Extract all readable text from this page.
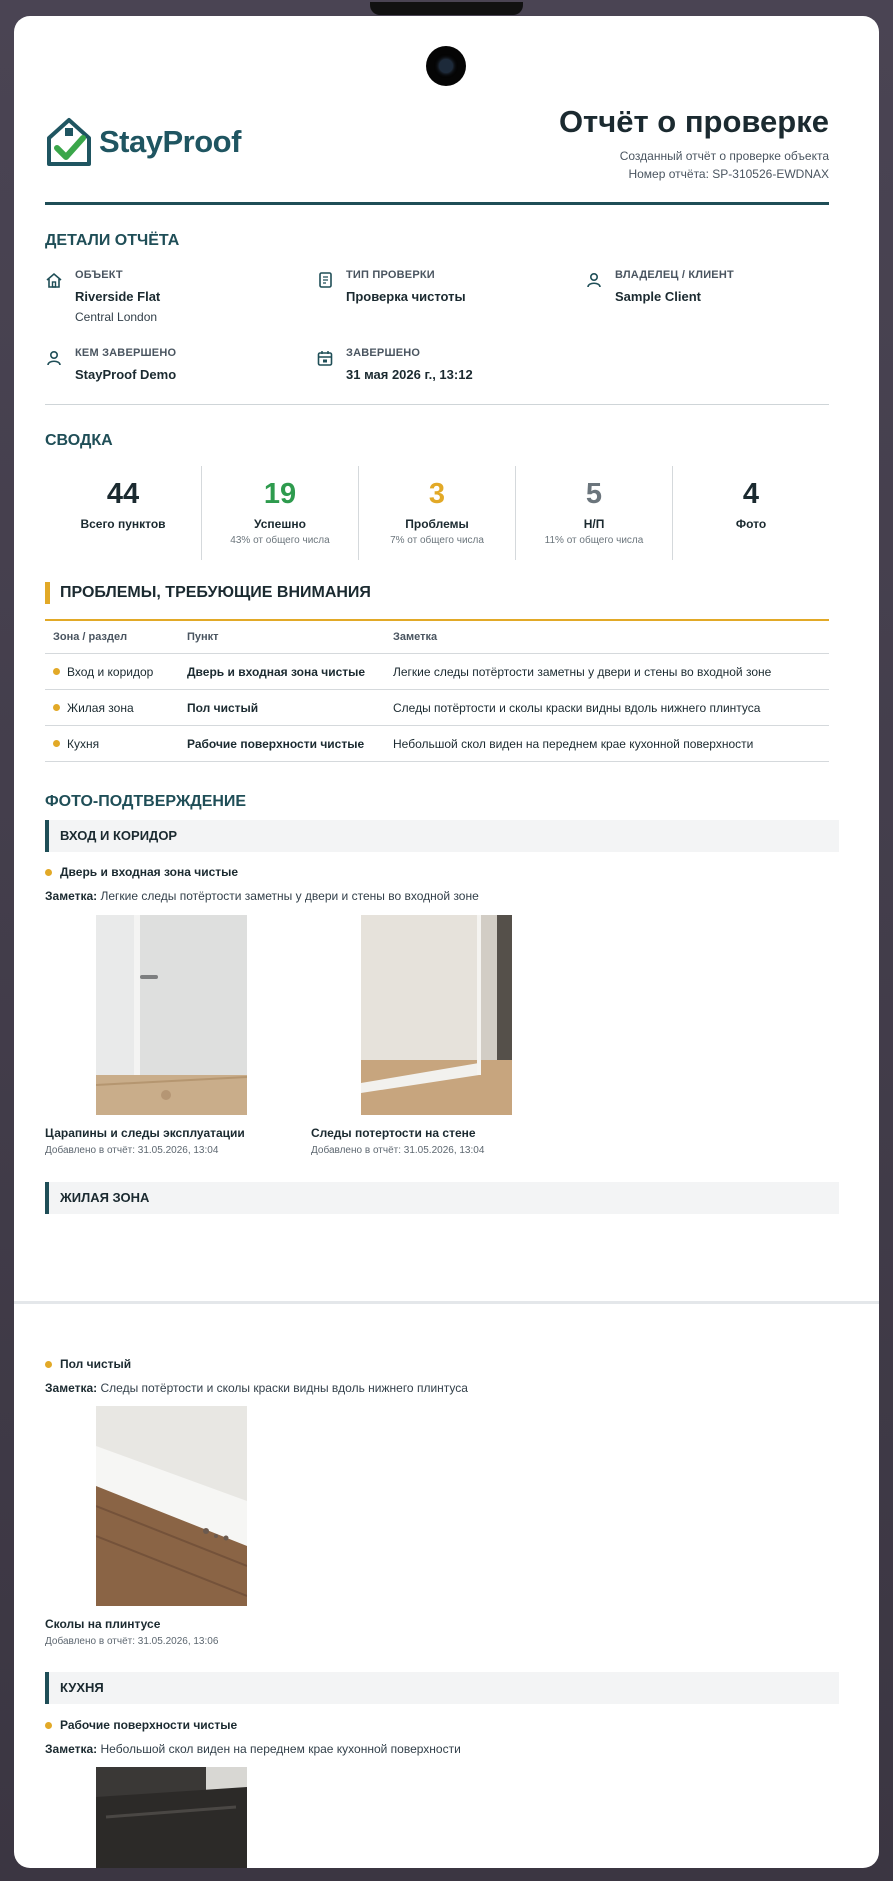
StayProof
Отчёт о проверке
Созданный отчёт о проверке объекта
Номер отчёта: SP-310526-EWDNAX
ДЕТАЛИ ОТЧЁТА
ОБЪЕКТ
Riverside Flat
Central London
ТИП ПРОВЕРКИ
Проверка чистоты
ВЛАДЕЛЕЦ / КЛИЕНТ
Sample Client
КЕМ ЗАВЕРШЕНО
StayProof Demo
ЗАВЕРШЕНО
31 мая 2026 г., 13:12
СВОДКА
44
Всего пунктов
19
Успешно
43% от общего числа
3
Проблемы
7% от общего числа
5
Н/П
11% от общего числа
4
Фото
ПРОБЛЕМЫ, ТРЕБУЮЩИЕ ВНИМАНИЯ
Зона / раздел	Пункт	Заметка
Вход и коридор	Дверь и входная зона чистые	Легкие следы потёртости заметны у двери и стены во входной зоне
Жилая зона	Пол чистый	Следы потёртости и сколы краски видны вдоль нижнего плинтуса
Кухня	Рабочие поверхности чистые	Небольшой скол виден на переднем крае кухонной поверхности
ФОТО-ПОДТВЕРЖДЕНИЕ
ВХОД И КОРИДОР
Дверь и входная зона чистые
Заметка: Легкие следы потёртости заметны у двери и стены во входной зоне
Царапины и следы эксплуатации
Добавлено в отчёт: 31.05.2026, 13:04
Следы потертости на стене
Добавлено в отчёт: 31.05.2026, 13:04
ЖИЛАЯ ЗОНА
Пол чистый
Заметка: Следы потёртости и сколы краски видны вдоль нижнего плинтуса
Сколы на плинтусе
Добавлено в отчёт: 31.05.2026, 13:06
КУХНЯ
Рабочие поверхности чистые
Заметка: Небольшой скол виден на переднем крае кухонной поверхности
